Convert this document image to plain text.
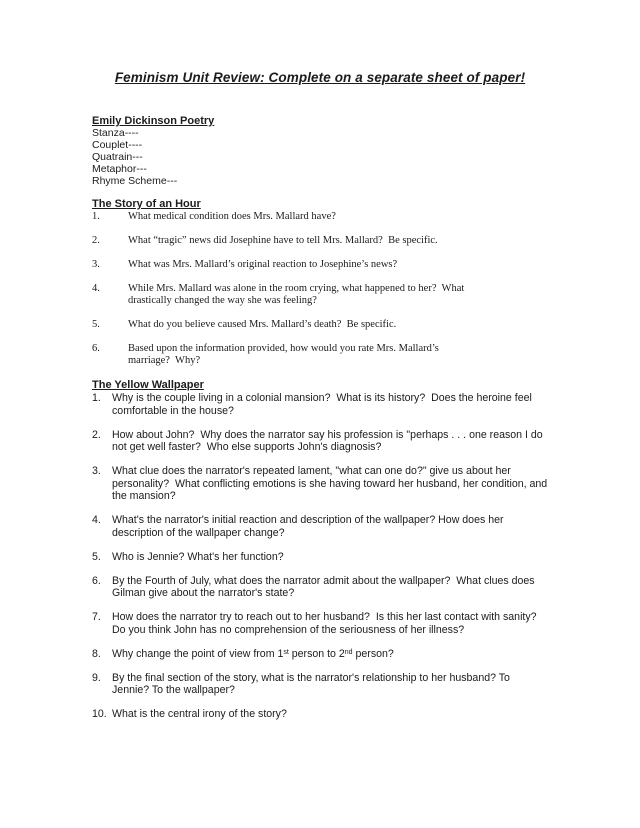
Feminism Unit Review: Complete on a separate sheet of paper!
Emily Dickinson Poetry
Stanza----
Couplet----
Quatrain---
Metaphor---
Rhyme Scheme---
The Story of an Hour
1.	What medical condition does Mrs. Mallard have?
2.	What “tragic” news did Josephine have to tell Mrs. Mallard?  Be specific.
3.	What was Mrs. Mallard’s original reaction to Josephine’s news?
4.	While Mrs. Mallard was alone in the room crying, what happened to her?  What drastically changed the way she was feeling?
5.	What do you believe caused Mrs. Mallard’s death?  Be specific.
6.	Based upon the information provided, how would you rate Mrs. Mallard’s marriage?  Why?
The Yellow Wallpaper
1.	Why is the couple living in a colonial mansion?  What is its history?  Does the heroine feel comfortable in the house?
2.	How about John?  Why does the narrator say his profession is "perhaps . . . one reason I do not get well faster?  Who else supports John's diagnosis?
3.	What clue does the narrator's repeated lament, "what can one do?" give us about her personality?  What conflicting emotions is she having toward her husband, her condition, and the mansion?
4.	What's the narrator's initial reaction and description of the wallpaper? How does her description of the wallpaper change?
5.	Who is Jennie? What's her function?
6.	By the Fourth of July, what does the narrator admit about the wallpaper?  What clues does Gilman give about the narrator's state?
7.	How does the narrator try to reach out to her husband?  Is this her last contact with sanity?  Do you think John has no comprehension of the seriousness of her illness?
8.	Why change the point of view from 1st person to 2nd person?
9.	By the final section of the story, what is the narrator's relationship to her husband? To Jennie? To the wallpaper?
10. What is the central irony of the story?
